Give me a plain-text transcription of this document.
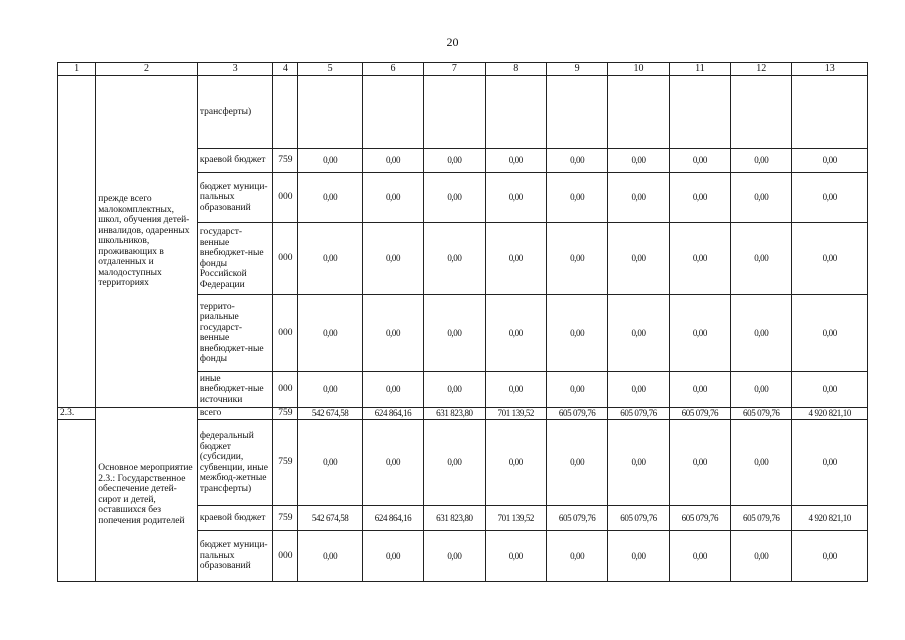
20
1	2	3	4	5	6	7	8	9	10	11	12	13
	прежде всего малокомплектных, школ, обучения детей-инвалидов, одаренных школьников, проживающих в отдаленных и малодоступных территориях	трансферты)										
		краевой бюджет	759	0,00	0,00	0,00	0,00	0,00	0,00	0,00	0,00	0,00
		бюджет муници-пальных образований	000	0,00	0,00	0,00	0,00	0,00	0,00	0,00	0,00	0,00
		государст-венные внебюджет-ные фонды Российской Федерации	000	0,00	0,00	0,00	0,00	0,00	0,00	0,00	0,00	0,00
		террито-риальные государст-венные внебюджет-ные фонды	000	0,00	0,00	0,00	0,00	0,00	0,00	0,00	0,00	0,00
		иные внебюджет-ные источники	000	0,00	0,00	0,00	0,00	0,00	0,00	0,00	0,00	0,00
2.3.	Основное мероприятие 2.3.: Государственное обеспечение детей-сирот и детей, оставшихся без попечения родителей	всего	759	542 674,58	624 864,16	631 823,80	701 139,52	605 079,76	605 079,76	605 079,76	605 079,76	4 920 821,10
		федеральный бюджет (субсидии, субвенции, иные межбюд-жетные трансферты)	759	0,00	0,00	0,00	0,00	0,00	0,00	0,00	0,00	0,00
		краевой бюджет	759	542 674,58	624 864,16	631 823,80	701 139,52	605 079,76	605 079,76	605 079,76	605 079,76	4 920 821,10
		бюджет муници-пальных образований	000	0,00	0,00	0,00	0,00	0,00	0,00	0,00	0,00	0,00
